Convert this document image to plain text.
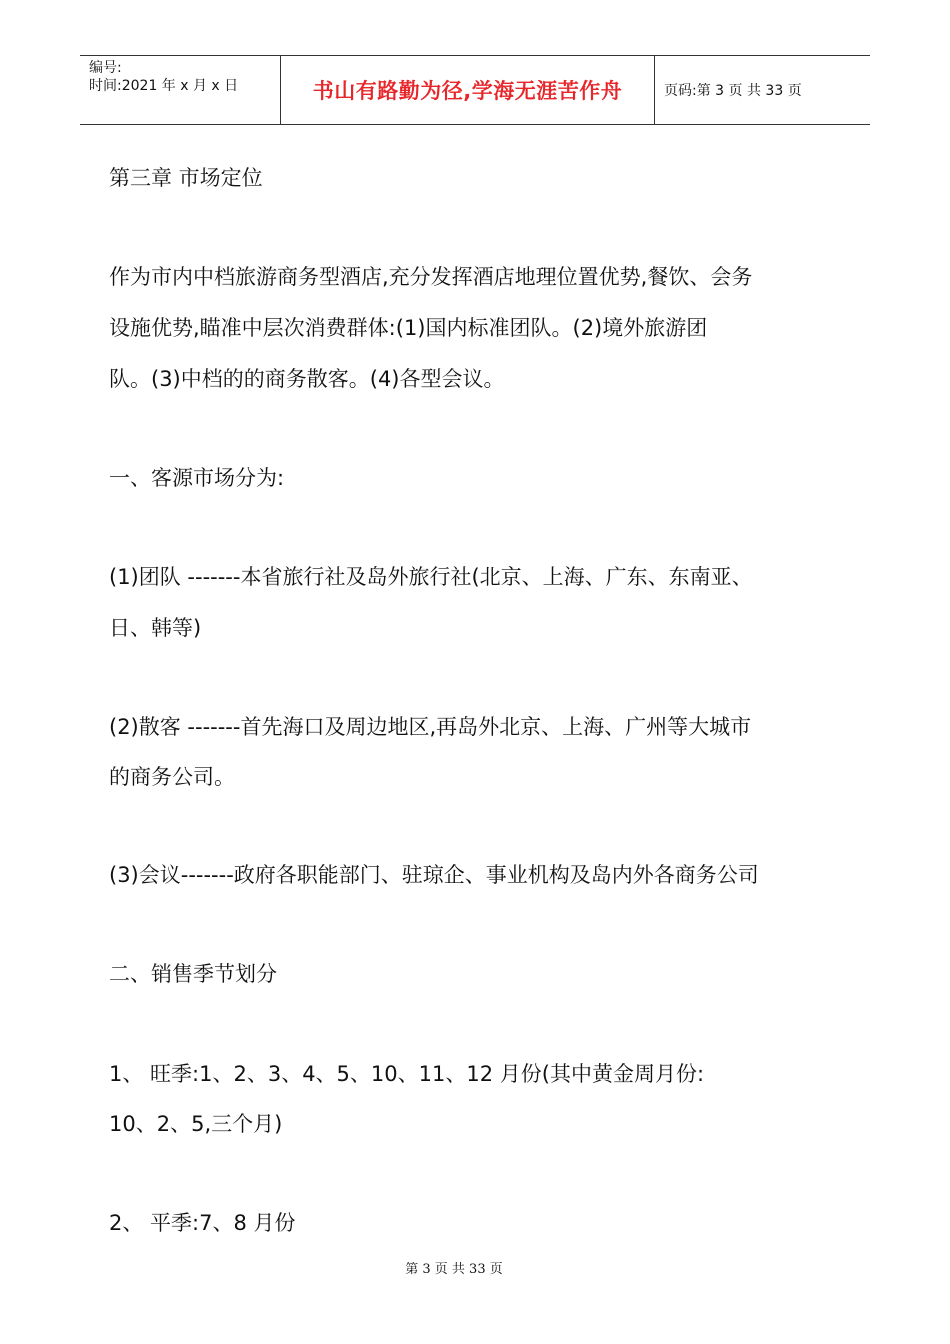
编号:
时间:2021 年 x 月 x 日	书山有路勤为径,学海无涯苦作舟	页码:第 3 页 共 33 页
第三章 市场定位
作为市内中档旅游商务型酒店,充分发挥酒店地理位置优势,餐饮、会务
设施优势,瞄准中层次消费群体:(1)国内标准团队。(2)境外旅游团
队。(3)中档的的商务散客。(4)各型会议。
一、客源市场分为:
(1)团队 -------本省旅行社及岛外旅行社(北京、上海、广东、东南亚、
日、韩等)
(2)散客 -------首先海口及周边地区,再岛外北京、上海、广州等大城市
的商务公司。
(3)会议-------政府各职能部门、驻琼企、事业机构及岛内外各商务公司
二、销售季节划分
1、 旺季:1、2、3、4、5、10、11、12 月份(其中黄金周月份:
10、2、5,三个月)
2、 平季:7、8 月份
第 3 页 共 33 页
